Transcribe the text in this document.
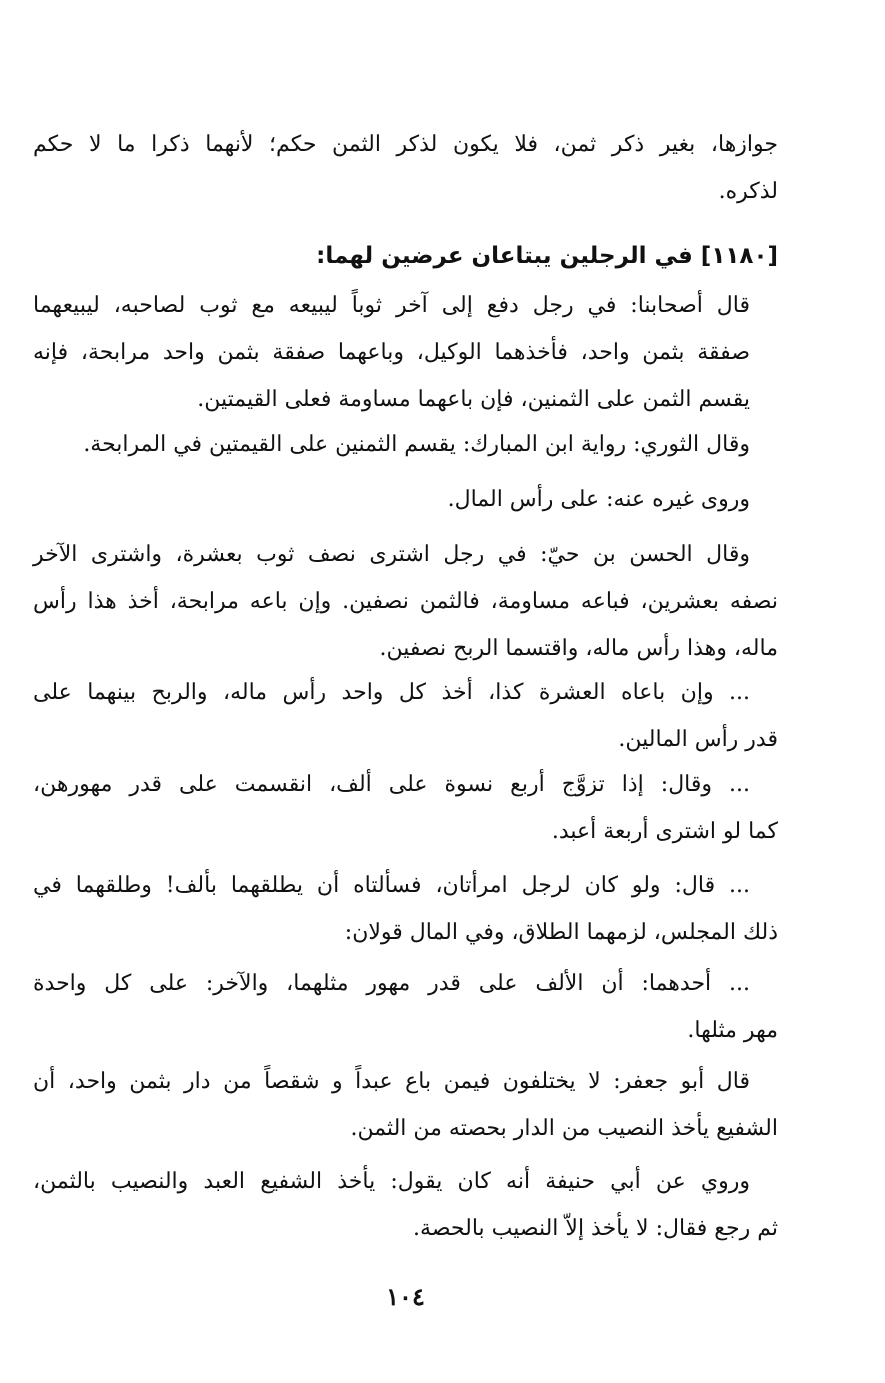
جوازها، بغير ذكر ثمن، فلا يكون لذكر الثمن حكم؛ لأنهما ذكرا ما لا حكم
لذكره.

[١١٨٠] في الرجلين يبتاعان عرضين لهما:

قال أصحابنا: في رجل دفع إلى آخر ثوباً ليبيعه مع ثوب لصاحبه، ليبيعهما
صفقة بثمن واحد، فأخذهما الوكيل، وباعهما صفقة بثمن واحد مرابحة، فإنه
يقسم الثمن على الثمنين، فإن باعهما مساومة فعلى القيمتين.

وقال الثوري: رواية ابن المبارك: يقسم الثمنين على القيمتين في المرابحة.

وروى غيره عنه: على رأس المال.

وقال الحسن بن حيّ: في رجل اشترى نصف ثوب بعشرة، واشترى الآخر
نصفه بعشرين، فباعه مساومة، فالثمن نصفين. وإن باعه مرابحة، أخذ هذا رأس
ماله، وهذا رأس ماله، واقتسما الربح نصفين.

... وإن باعاه العشرة كذا، أخذ كل واحد رأس ماله، والربح بينهما على
قدر رأس المالين.

... وقال: إذا تزوَّج أربع نسوة على ألف، انقسمت على قدر مهورهن،
كما لو اشترى أربعة أعبد.

... قال: ولو كان لرجل امرأتان، فسألتاه أن يطلقهما بألف! وطلقهما في
ذلك المجلس، لزمهما الطلاق، وفي المال قولان:

... أحدهما: أن الألف على قدر مهور مثلهما، والآخر: على كل واحدة
مهر مثلها.

قال أبو جعفر: لا يختلفون فيمن باع عبداً و شقصاً من دار بثمن واحد، أن
الشفيع يأخذ النصيب من الدار بحصته من الثمن.

وروي عن أبي حنيفة أنه كان يقول: يأخذ الشفيع العبد والنصيب بالثمن،
ثم رجع فقال: لا يأخذ إلاّ النصيب بالحصة.

١٠٤
